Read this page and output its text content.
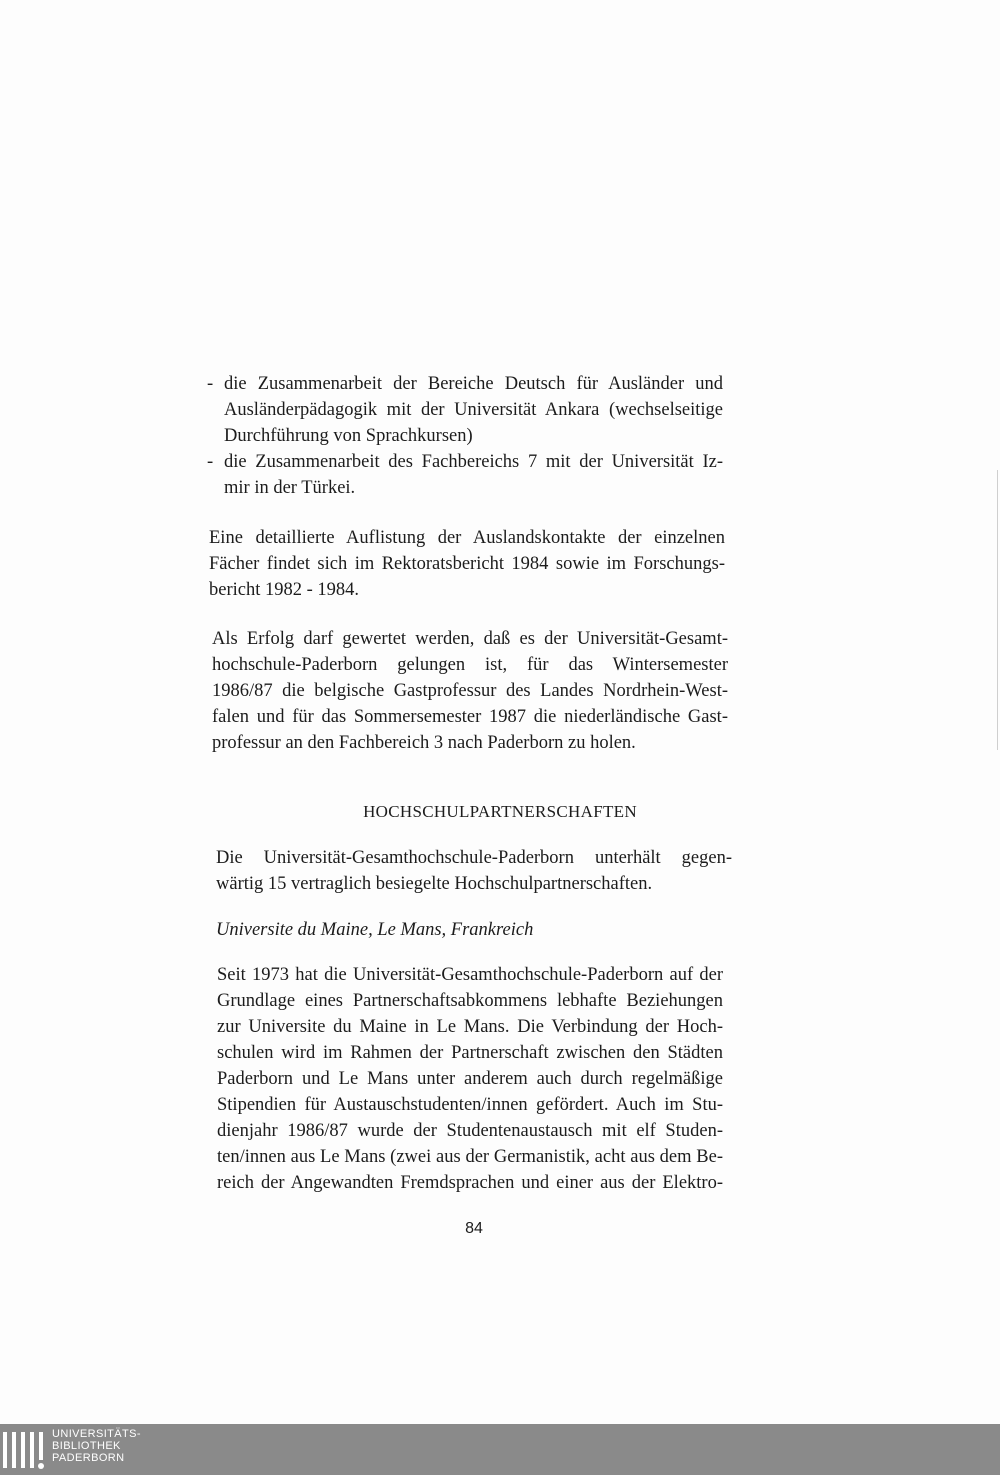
- die Zusammenarbeit der Bereiche Deutsch für Ausländer und
Ausländerpädagogik mit der Universität Ankara (wechselseitige
Durchführung von Sprachkursen)
- die Zusammenarbeit des Fachbereichs 7 mit der Universität Iz-
mir in der Türkei.
Eine detaillierte Auflistung der Auslandskontakte der einzelnen
Fächer findet sich im Rektoratsbericht 1984 sowie im Forschungs-
bericht 1982 - 1984.
Als Erfolg darf gewertet werden, daß es der Universität-Gesamt-
hochschule-Paderborn gelungen ist, für das Wintersemester
1986/87 die belgische Gastprofessur des Landes Nordrhein-West-
falen und für das Sommersemester 1987 die niederländische Gast-
professur an den Fachbereich 3 nach Paderborn zu holen.
HOCHSCHULPARTNERSCHAFTEN
Die Universität-Gesamthochschule-Paderborn unterhält gegen-
wärtig 15 vertraglich besiegelte Hochschulpartnerschaften.
Universite du Maine, Le Mans, Frankreich
Seit 1973 hat die Universität-Gesamthochschule-Paderborn auf der
Grundlage eines Partnerschaftsabkommens lebhafte Beziehungen
zur Universite du Maine in Le Mans. Die Verbindung der Hoch-
schulen wird im Rahmen der Partnerschaft zwischen den Städten
Paderborn und Le Mans unter anderem auch durch regelmäßige
Stipendien für Austauschstudenten/innen gefördert. Auch im Stu-
dienjahr 1986/87 wurde der Studentenaustausch mit elf Studen-
ten/innen aus Le Mans (zwei aus der Germanistik, acht aus dem Be-
reich der Angewandten Fremdsprachen und einer aus der Elektro-
84
UNIVERSITÄTS-
BIBLIOTHEK
PADERBORN
